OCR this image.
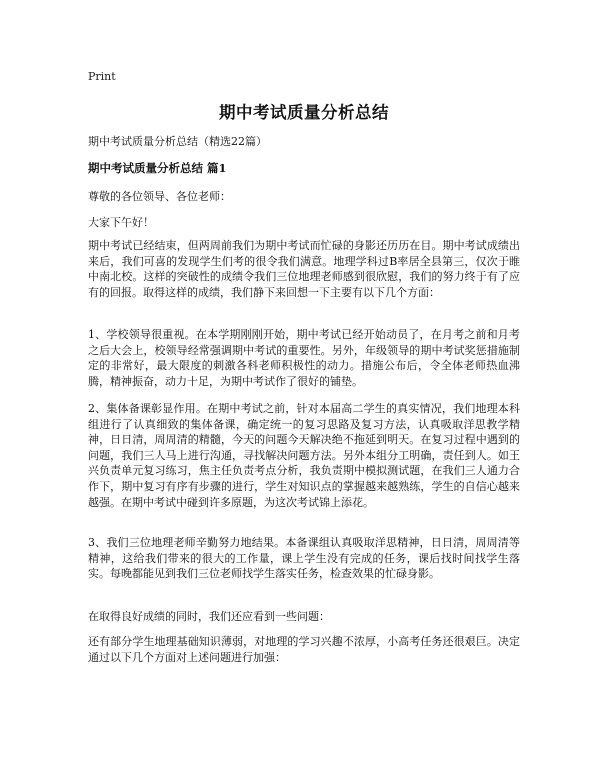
Print
期中考试质量分析总结
期中考试质量分析总结（精选22篇）
期中考试质量分析总结 篇1
尊敬的各位领导、各位老师：
大家下午好！
期中考试已经结束，但两周前我们为期中考试而忙碌的身影还历历在目。期中考试成绩出来后，我们可喜的发现学生们考的很令我们满意。地理学科过B率居全县第三，仅次于睢中南北校。这样的突破性的成绩令我们三位地理老师感到很欣慰，我们的努力终于有了应有的回报。取得这样的成绩，我们静下来回想一下主要有以下几个方面：
1、学校领导很重视。在本学期刚刚开始，期中考试已经开始动员了，在月考之前和月考之后大会上，校领导经常强调期中考试的重要性。另外，年级领导的期中考试奖惩措施制定的非常好，最大限度的刺激各科老师积极性的动力。措施公布后，令全体老师热血沸腾，精神振奋，动力十足，为期中考试作了很好的铺垫。
2、集体备课彰显作用。在期中考试之前，针对本届高二学生的真实情况，我们地理本科组进行了认真细致的集体备课，确定统一的复习思路及复习方法，认真吸取洋思教学精神，日日清，周周清的精髓，今天的问题今天解决绝不拖延到明天。在复习过程中遇到的问题，我们三人马上进行沟通，寻找解决问题方法。另外本组分工明确，责任到人。如王兴负责单元复习练习，焦主任负责考点分析，我负责期中模拟测试题，在我们三人通力合作下，期中复习有序有步骤的进行，学生对知识点的掌握越来越熟练，学生的自信心越来越强。在期中考试中碰到许多原题，为这次考试锦上添花。
3、我们三位地理老师辛勤努力地结果。本备课组认真吸取洋思精神，日日清，周周清等精神，这给我们带来的很大的工作量，课上学生没有完成的任务，课后找时间找学生落实。每晚都能见到我们三位老师找学生落实任务，检查效果的忙碌身影。
在取得良好成绩的同时，我们还应看到一些问题：
还有部分学生地理基础知识薄弱，对地理的学习兴趣不浓厚，小高考任务还很艰巨。决定通过以下几个方面对上述问题进行加强：
